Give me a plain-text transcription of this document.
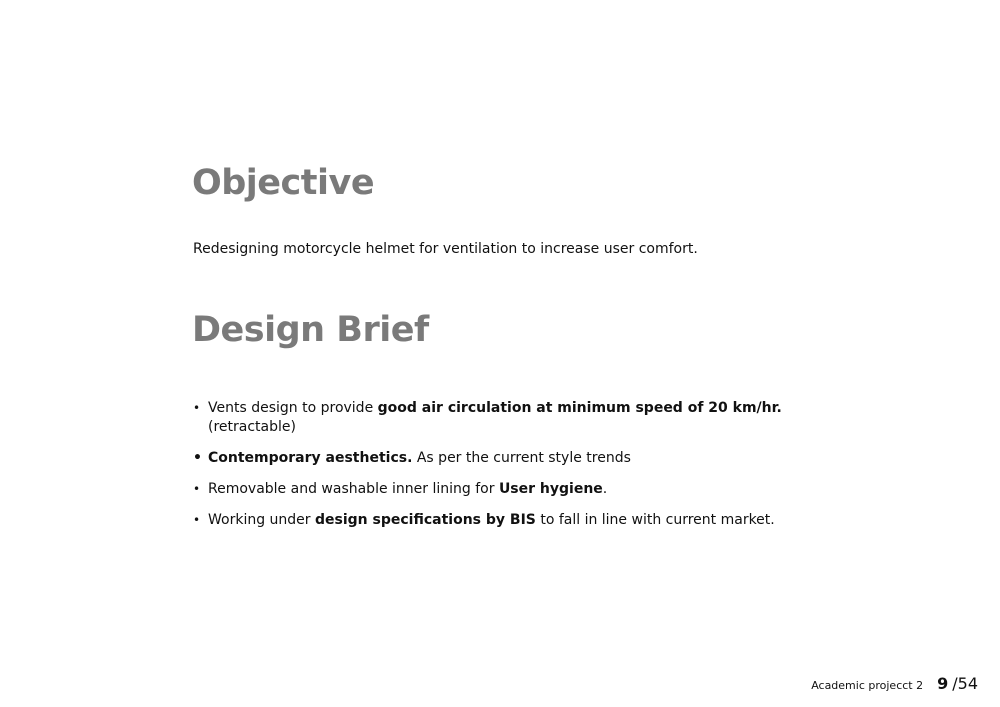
Objective

Redesigning motorcycle helmet for ventilation to increase user comfort.

Design Brief
• Vents design to provide good air circulation at minimum speed of 20 km/hr.
(retractable)
• Contemporary aesthetics. As per the current style trends
• Removable and washable inner lining for User hygiene.
• Working under design specifications by BIS to fall in line with current market.
Academic projecct 2 9 /54
